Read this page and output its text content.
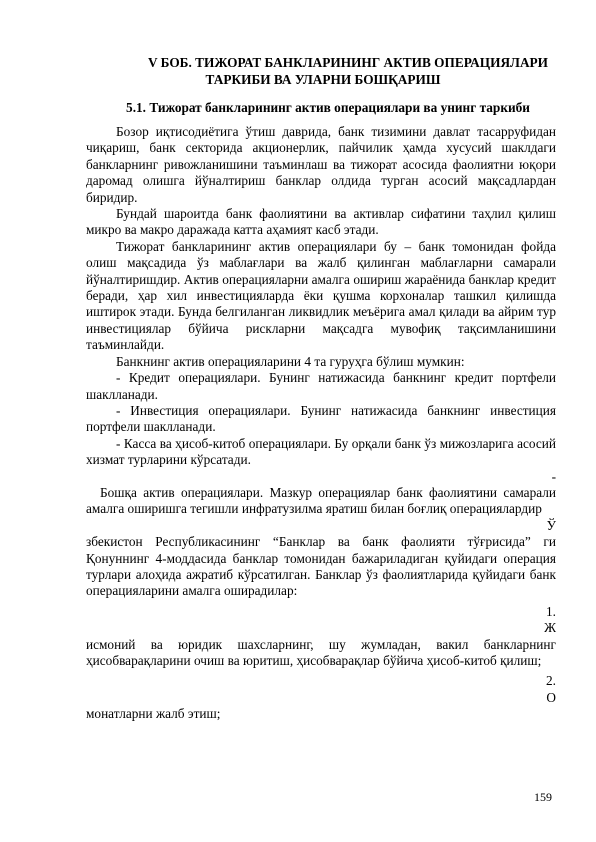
V БОБ. ТИЖОРАТ БАНКЛАРИНИНГ АКТИВ ОПЕРАЦИЯЛАРИ
ТАРКИБИ ВА УЛАРНИ БОШҚАРИШ
5.1. Тижорат банкларининг актив операциялари ва унинг таркиби

Бозор иқтисодиётига ўтиш даврида, банк тизимини давлат тасарруфидан чиқариш, банк секторида акционерлик, пайчилик ҳамда хусусий шаклдаги банкларнинг ривожланишини таъминлаш ва тижорат асосида фаолиятни юқори даромад олишга йўналтириш банклар олдида турган асосий мақсадлардан биридир.

Бундай шароитда банк фаолиятини ва активлар сифатини таҳлил қилиш микро ва макро даражада катта аҳамият касб этади.

Тижорат банкларининг актив операциялари бу – банк томонидан фойда олиш мақсадида ўз маблағлари ва жалб қилинган маблағларни самарали йўналтиришдир. Актив операцияларни амалга ошириш жараёнида банклар кредит беради, ҳар хил инвестицияларда ёки қушма корхоналар ташкил қилишда иштирок этади. Бунда белгиланган ликвидлик меъёрига амал қилади ва айрим тур инвестициялар бўйича рискларни мақсадга мувофиқ тақсимланишини таъминлайди.

Банкнинг актив операцияларини 4 та гуруҳга бўлиш мумкин:

- Кредит операциялари. Бунинг натижасида банкнинг кредит портфели шаклланади.

- Инвестиция операциялари. Бунинг натижасида банкнинг инвестиция портфели шаклланади.

- Касса ва ҳисоб-китоб операциялари. Бу орқали банк ўз мижозларига асосий хизмат турларини кўрсатади.

-

Бошқа актив операциялари. Мазкур операциялар банк фаолиятини самарали амалга оширишга тегишли инфратузилма яратиш билан боғлиқ операциялардир

Ў

збекистон Республикасининг “Банклар ва банк фаолияти тўғрисида” ги Қонуннинг 4-моддасида банклар томонидан бажариладиган қуйидаги операция турлари алоҳида ажратиб кўрсатилган. Банклар ўз фаолиятларида қуйидаги банк операцияларини амалга оширадилар:

1.

Ж

исмоний ва юридик шахсларнинг, шу жумладан, вакил банкларнинг ҳисобварақларини очиш ва юритиш, ҳисобварақлар бўйича ҳисоб-китоб қилиш;

2.

О

монатларни жалб этиш;

159
